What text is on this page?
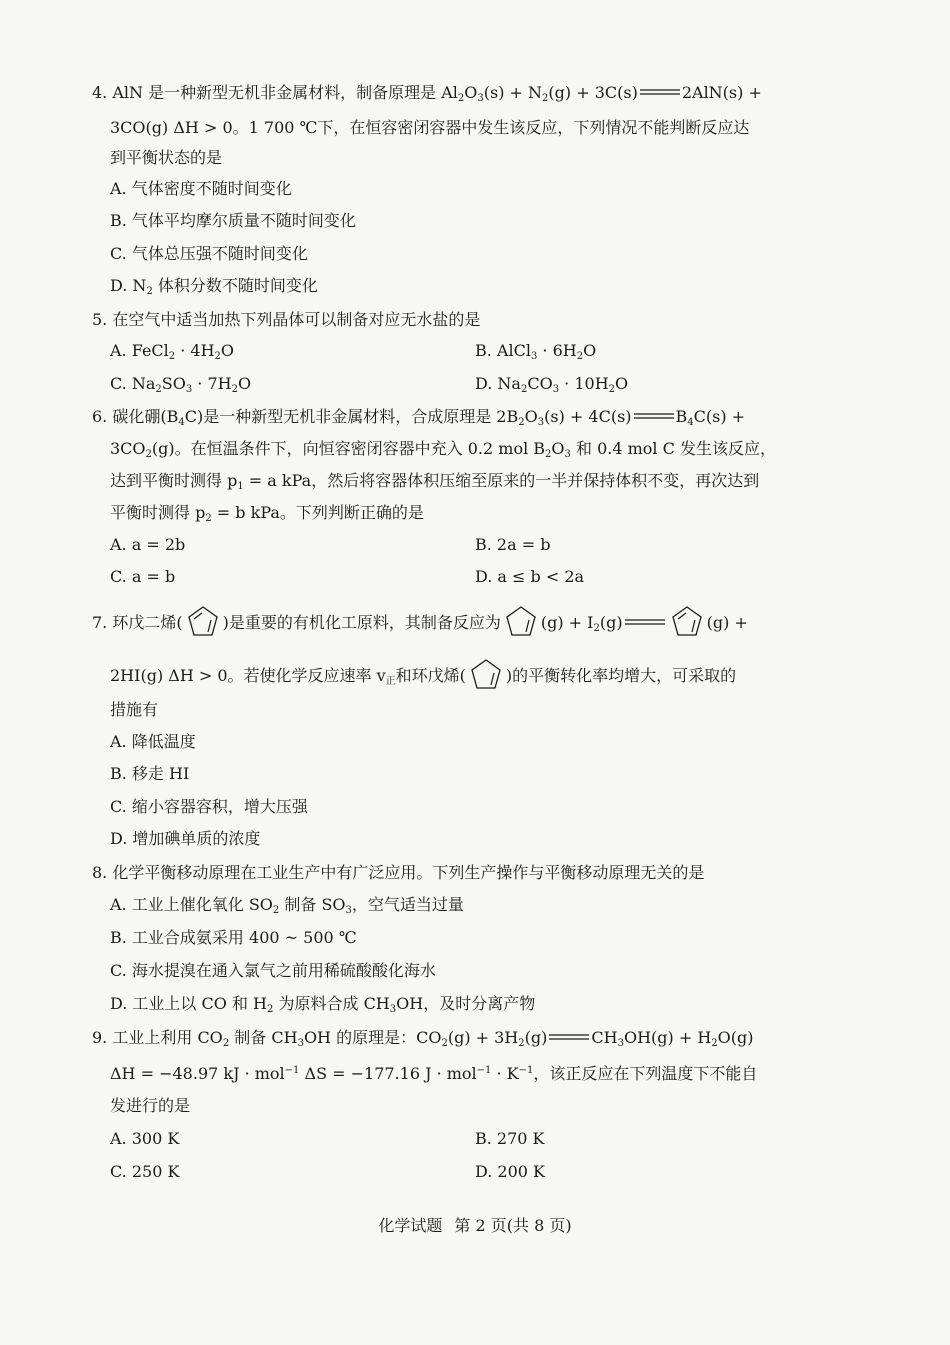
4. AlN 是一种新型无机非金属材料，制备原理是 $Al_2O_3(s) + N_2(g) + 3C(s)$	2AlN(s) +
3CO(g) ΔH > 0。1 700 ℃下，在恒容密闭容器中发生该反应，下列情况不能判断反应达
到平衡状态的是
A. 气体密度不随时间变化
B. 气体平均摩尔质量不随时间变化
C. 气体总压强不随时间变化
D. $N_2$ 体积分数不随时间变化
5. 在空气中适当加热下列晶体可以制备对应无水盐的是
A. FeCl$_2$ · $4H_2O$	B. AlCl$_3$ · $6H_2O$
C. $Na_2SO_3 \cdot 7H_2O$	D. $Na_2CO_3 \cdot 10H_2O$
6. 碳化硼$(B_4C)$是一种新型无机非金属材料，合成原理是 $2B_2O_3(s) + 4C(s)$	$B_4C(s)$ +
$3CO_2(g)$。在恒温条件下，向恒容密闭容器中充入 0.2 mol $B_2O_3$ 和 0.4 mol C 发生该反应，
达到平衡时测得 $p_1 = a$ kPa，然后将容器体积压缩至原来的一半并保持体积不变，再次达到
平衡时测得 $p_2 = b$ kPa。下列判断正确的是
A. a = 2b	B. 2a = b
C. a = b	D. a ≤ b < 2a
7. 环戊二烯(	)是重要的有机化工原料，其制备反应为	$(g) + I_2(g)$	(g) +
2HI(g) ΔH > 0。若使化学反应速率 $v_正$和环戊烯(	)的平衡转化率均增大，可采取的
措施有
A. 降低温度
B. 移走 HI
C. 缩小容器容积，增大压强
D. 增加碘单质的浓度
8. 化学平衡移动原理在工业生产中有广泛应用。下列生产操作与平衡移动原理无关的是
A. 工业上催化氧化 $SO_2$ 制备 $SO_3$，空气适当过量
B. 工业合成氨采用 400 ~ 500 ℃
C. 海水提溴在通入氯气之前用稀硫酸酸化海水
D. 工业上以 CO 和 $H_2$ 为原料合成 $CH_3OH$，及时分离产物
9. 工业上利用 $CO_2$ 制备 $CH_3OH$ 的原理是：$CO_2(g) + 3H_2(g)$	$CH_3OH(g) + H_2O(g)$
ΔH = −48.97 kJ · mol$^{-1}$ ΔS = −177.16 $J \cdot mol^{-1} \cdot K^{-1}$，该正反应在下列温度下不能自
发进行的是
A. 300 K	B. 270 K
C. 250 K	D. 200 K
化学试题 第 2 页(共 8 页)
